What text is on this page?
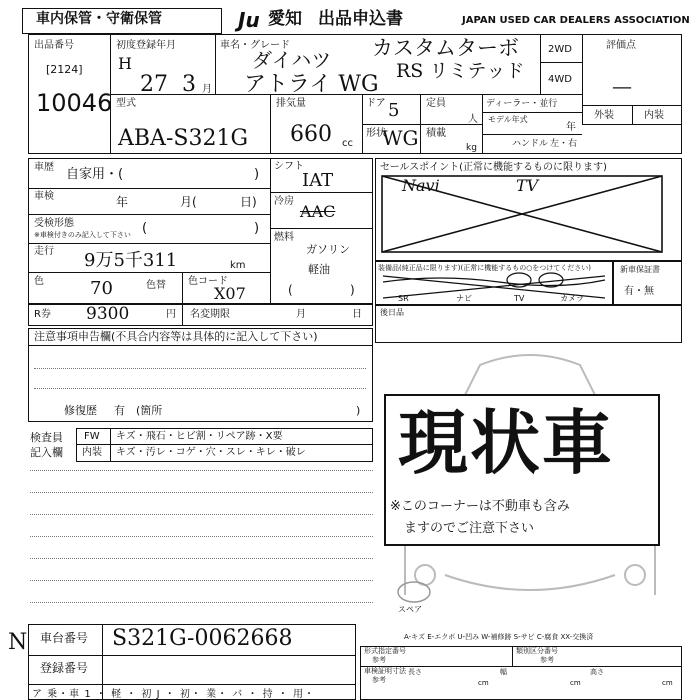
車内保管・守衛保管	Ju 愛知 出品申込書	JAPAN USED CAR DEALERS ASSOCIATION
出品番号
[2124]
10046
初度登録年月
H
27 3 月
車名・グレード
ダイハツ
アトライ WG
カスタムターボ
RS リミテッド
2WD
4WD
評価点
—
外装	内装
型式
ABA-S321G
排気量
660 cc
ドア 5
形状
WG
定員
人
積載
kg
ディーラー・並行
モデル年式
年
ハンドル 左・右
車歴 自家用・(	)
車検	年	月(	日)
受検形態
※車検付きのみ記入して下さい (	)
走行 9万5千311	km
色	70	色替 色コード
X07
シフト
IAT
冷房
AAC
燃料
ガソリン
軽油
(	)
R券 9300	円 名変期限	月	日
セールスポイント(正常に機能するものに限ります)
Navi	TV
装備品(純正品に限ります)(正常に機能するもの○をつけてください)
SR	ナビ	TV	カメラ
新車保証書
有・無
後日品
注意事項申告欄(不具合内容等は具体的に記入して下さい)
修復歴 有 (箇所	)
検査員
記入欄
FW キズ・飛石・ヒビ割・リペア跡・X要
内装 キズ・汚レ・コゲ・穴・スレ・キレ・破レ
スペア
現状車
※このコーナーは不動車も含み
ますのでご注意下さい
A-キズ E-エクボ U-凹み W-補修跡 S-サビ C-腐食 XX-交換済
N 車台番号 S321G-0062668
登録番号
ア 乗・車 1 ・ 軽 ・ 初 J ・ 初・ 業・ バ ・ 持 ・ 用・
形式指定番号
参考
類別区分番号
参考
車検証明寸法
参考
長さ
cm
幅
cm
高さ
cm
